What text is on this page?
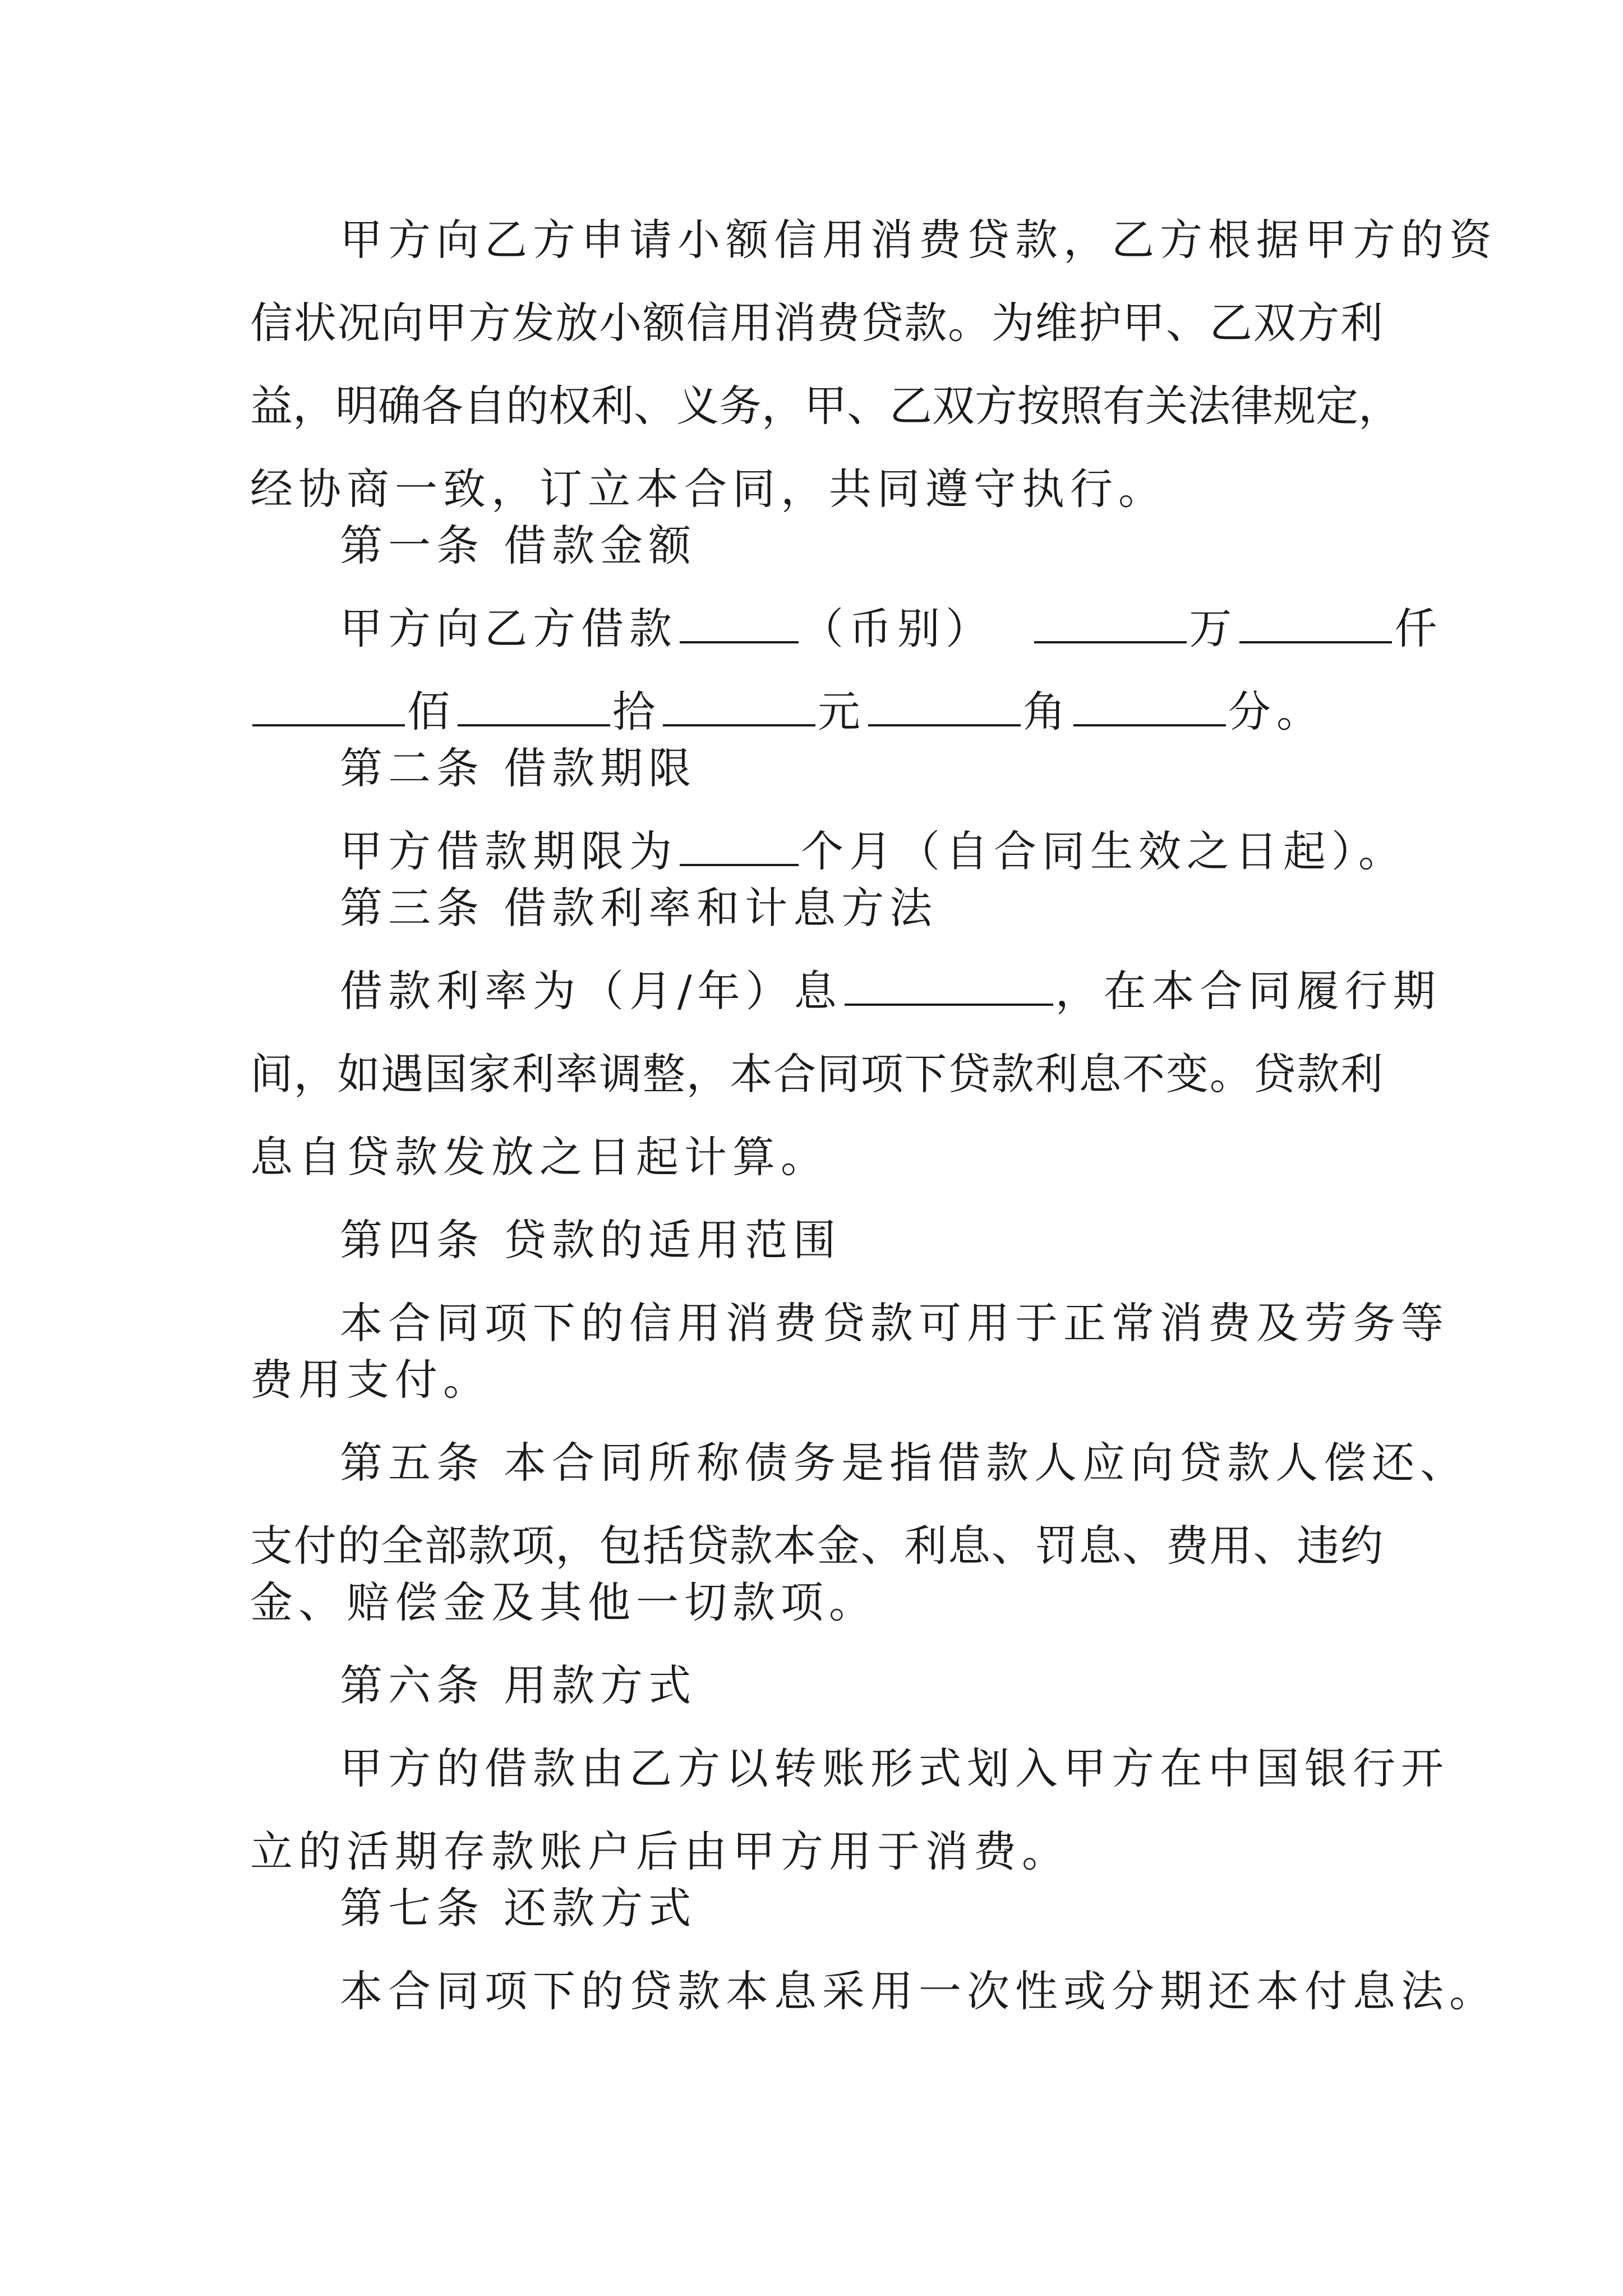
甲方向乙方申请小额信用消费贷款，乙方根据甲方的资
信状况向甲方发放小额信用消费贷款。为维护甲、乙双方利
益，明确各自的权利、义务，甲、乙双方按照有关法律规定，
经协商一致，订立本合同，共同遵守执行。
第一条 借款金额
甲方向乙方借款	（币别）	万	仟
佰	拾	元	角	分。
第二条 借款期限
甲方借款期限为	个月（自合同生效之日起）。
第三条 借款利率和计息方法
借款利率为（月/年）息	，在本合同履行期
间，如遇国家利率调整，本合同项下贷款利息不变。贷款利
息自贷款发放之日起计算。
第四条 贷款的适用范围
本合同项下的信用消费贷款可用于正常消费及劳务等
费用支付。
第五条 本合同所称债务是指借款人应向贷款人偿还、
支付的全部款项，包括贷款本金、利息、罚息、费用、违约
金、赔偿金及其他一切款项。
第六条 用款方式
甲方的借款由乙方以转账形式划入甲方在中国银行开
立的活期存款账户后由甲方用于消费。
第七条 还款方式
本合同项下的贷款本息采用一次性或分期还本付息法。
